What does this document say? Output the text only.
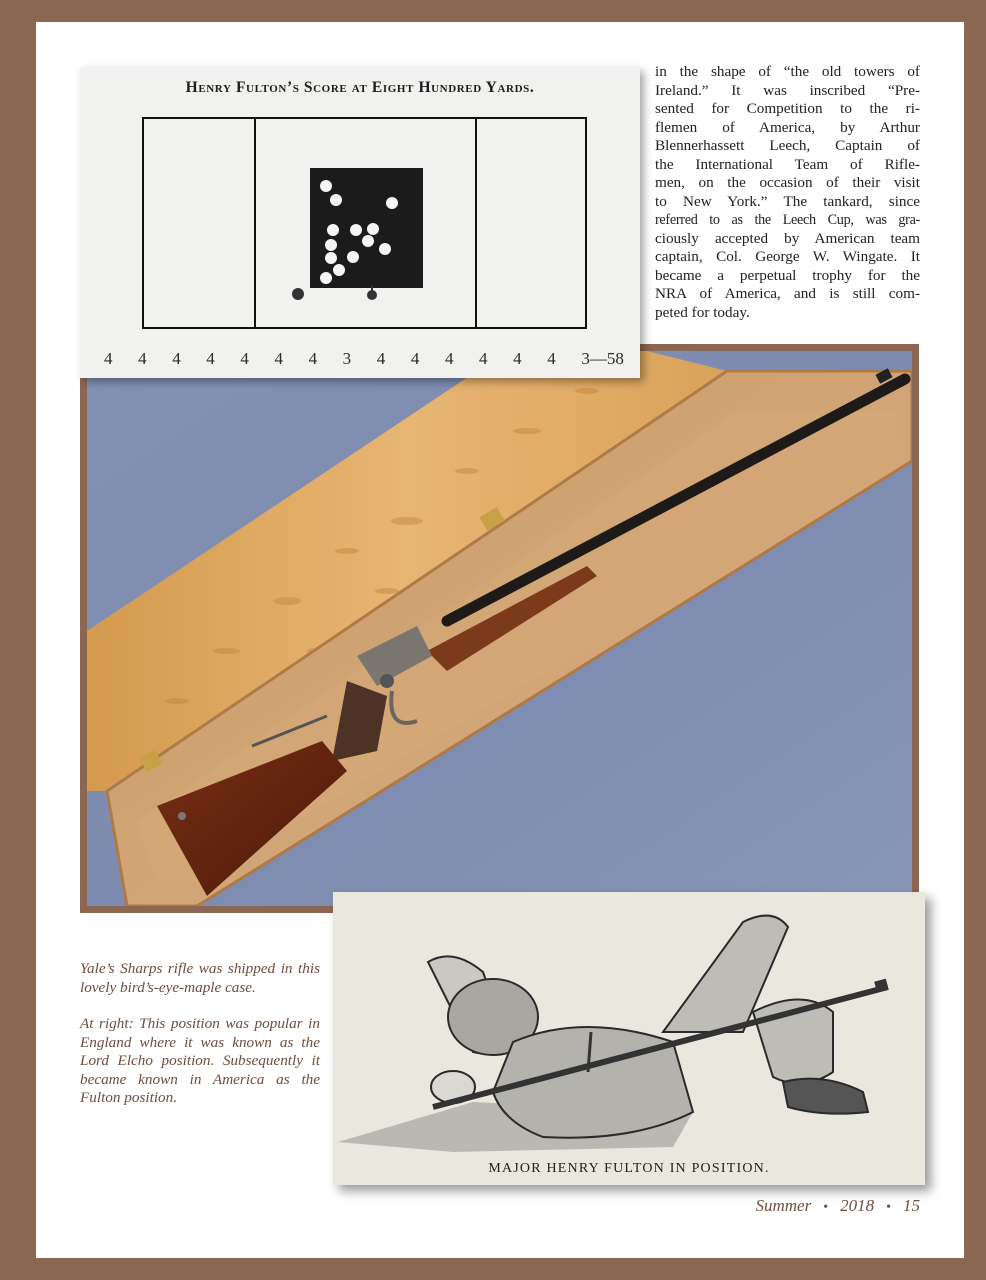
Henry Fulton’s Score at Eight Hundred Yards.
4 4 4 4 4 4 4 3 4 4 4 4 4 4 3—58
in the shape of “the old towers of
Ireland.” It was inscribed “Pre-
sented for Competition to the ri-
flemen of America, by Arthur
Blennerhassett Leech, Captain of
the International Team of Rifle-
men, on the occasion of their visit
to New York.” The tankard, since
referred to as the Leech Cup, was gra-
ciously accepted by American team
captain, Col. George W. Wingate. It
became a perpetual trophy for the
NRA of America, and is still com-
peted for today.
MAJOR HENRY FULTON IN POSITION.

Yale’s Sharps rifle was shipped in this lovely bird’s-eye-maple case.

At right: This position was popular in England where it was known as the Lord Elcho position. Subsequently it became known in America as the Fulton position.

Summer • 2018 • 15
